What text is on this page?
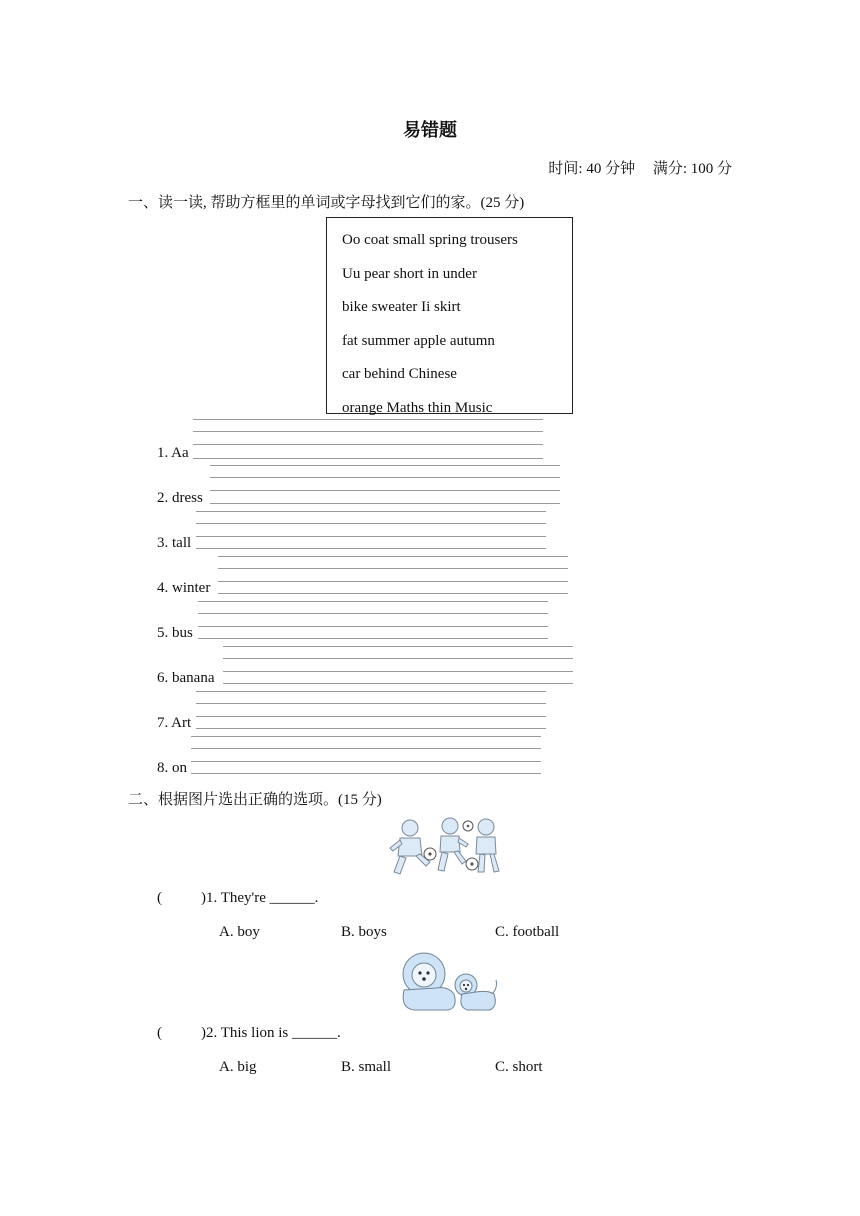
易错题
时间: 40 分钟 满分: 100 分
一、读一读, 帮助方框里的单词或字母找到它们的家。(25 分)
Oo coat small spring trousers
Uu pear short in under
bike sweater Ii skirt
fat summer apple autumn
car behind Chinese
orange Maths thin Music
1. Aa
2. dress
3. tall
4. winter
5. bus
6. banana
7. Art
8. on
二、根据图片选出正确的选项。(15 分)
(	)1. They're ______.
A. boy	B. boys	C. football
(	)2. This lion is ______.
A. big	B. small	C. short
